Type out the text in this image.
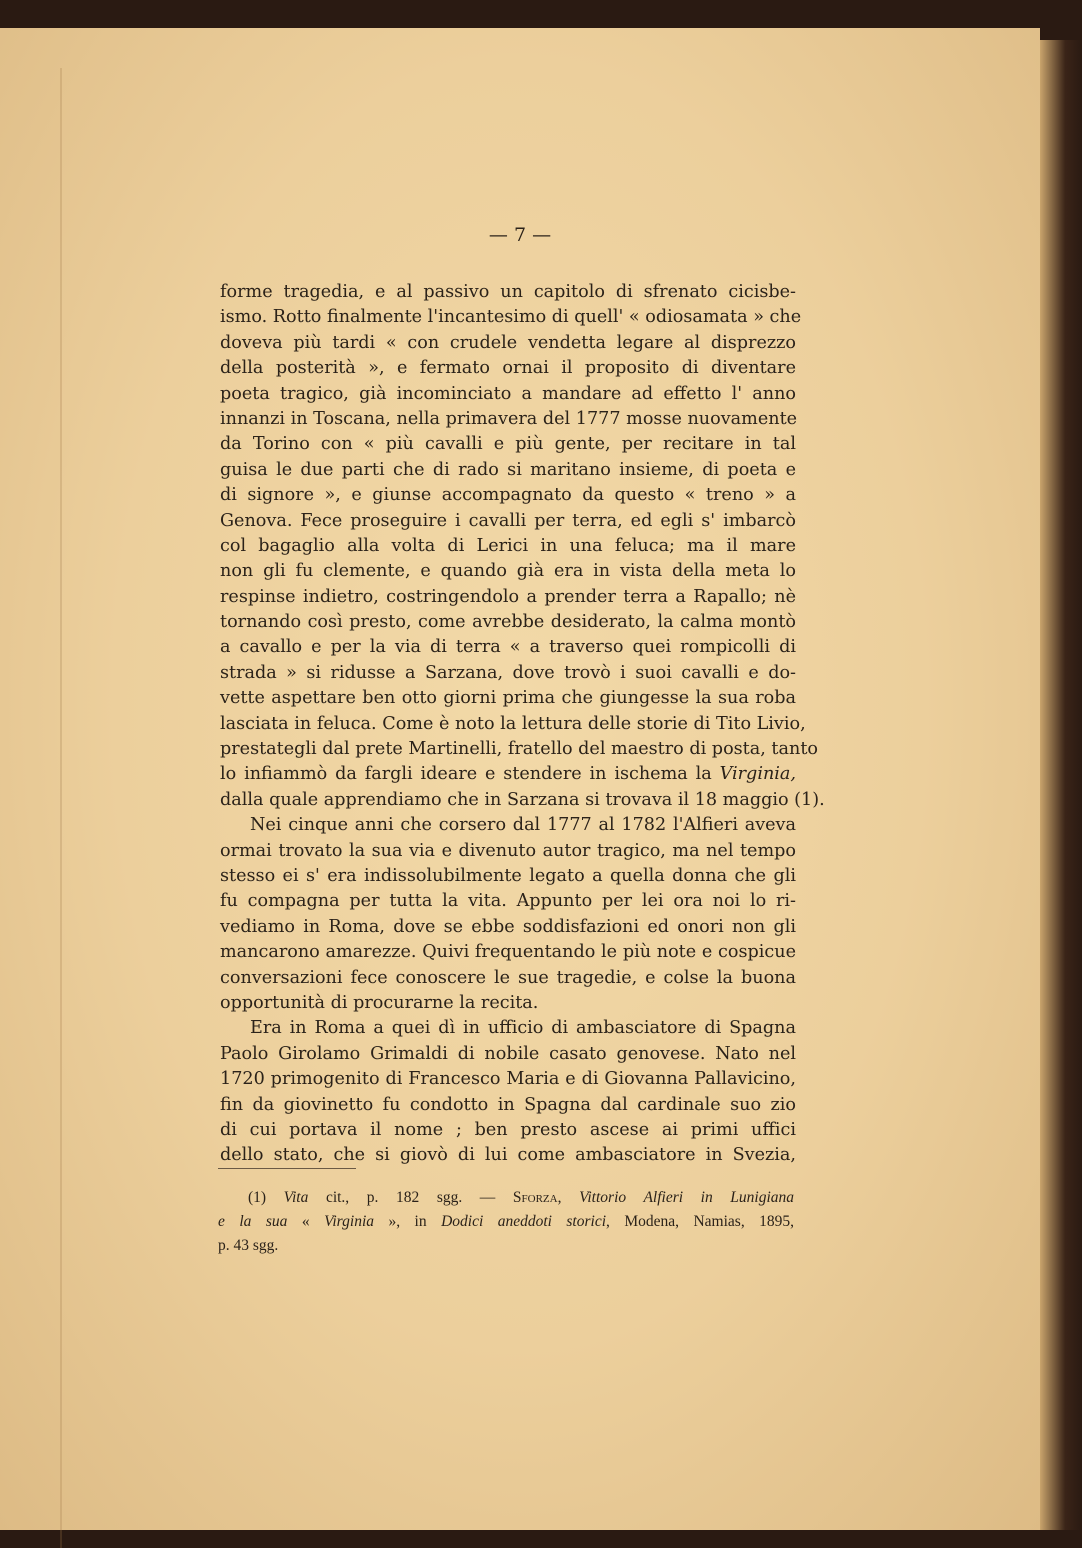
— 7 —
forme tragedia, e al passivo un capitolo di sfrenato cicisbe-
ismo. Rotto finalmente l'incantesimo di quell' « odiosamata » che
doveva più tardi « con crudele vendetta legare al disprezzo
della posterità », e fermato ornai il proposito di diventare
poeta tragico, già incominciato a mandare ad effetto l' anno
innanzi in Toscana, nella primavera del 1777 mosse nuovamente
da Torino con « più cavalli e più gente, per recitare in tal
guisa le due parti che di rado si maritano insieme, di poeta e
di signore », e giunse accompagnato da questo « treno » a
Genova. Fece proseguire i cavalli per terra, ed egli s' imbarcò
col bagaglio alla volta di Lerici in una feluca; ma il mare
non gli fu clemente, e quando già era in vista della meta lo
respinse indietro, costringendolo a prender terra a Rapallo; nè
tornando così presto, come avrebbe desiderato, la calma montò
a cavallo e per la via di terra « a traverso quei rompicolli di
strada » si ridusse a Sarzana, dove trovò i suoi cavalli e do-
vette aspettare ben otto giorni prima che giungesse la sua roba
lasciata in feluca. Come è noto la lettura delle storie di Tito Livio,
prestategli dal prete Martinelli, fratello del maestro di posta, tanto
lo infiammò da fargli ideare e stendere in ischema la Virginia,
dalla quale apprendiamo che in Sarzana si trovava il 18 maggio (1).
Nei cinque anni che corsero dal 1777 al 1782 l'Alfieri aveva
ormai trovato la sua via e divenuto autor tragico, ma nel tempo
stesso ei s' era indissolubilmente legato a quella donna che gli
fu compagna per tutta la vita. Appunto per lei ora noi lo ri-
vediamo in Roma, dove se ebbe soddisfazioni ed onori non gli
mancarono amarezze. Quivi frequentando le più note e cospicue
conversazioni fece conoscere le sue tragedie, e colse la buona
opportunità di procurarne la recita.
Era in Roma a quei dì in ufficio di ambasciatore di Spagna
Paolo Girolamo Grimaldi di nobile casato genovese. Nato nel
1720 primogenito di Francesco Maria e di Giovanna Pallavicino,
fin da giovinetto fu condotto in Spagna dal cardinale suo zio
di cui portava il nome ; ben presto ascese ai primi uffici
dello stato, che si giovò di lui come ambasciatore in Svezia,
(1) Vita cit., p. 182 sgg. — Sforza, Vittorio Alfieri in Lunigiana
e la sua « Virginia », in Dodici aneddoti storici, Modena, Namias, 1895,
p. 43 sgg.
